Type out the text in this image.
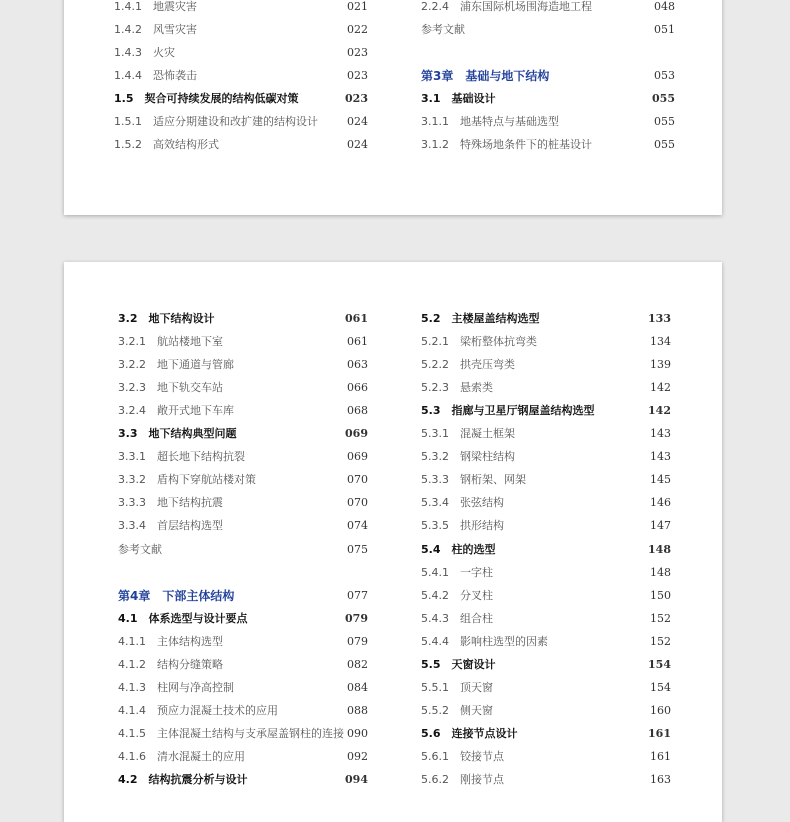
1.4.1　地震灾害	021
1.4.2　风雪灾害	022
1.4.3　火灾	023
1.4.4　恐怖袭击	023
1.5　契合可持续发展的结构低碳对策	023
1.5.1　适应分期建设和改扩建的结构设计	024
1.5.2　高效结构形式	024
2.2.4　浦东国际机场围海造地工程	048
参考文献	051
第3章　基础与地下结构	053
3.1　基础设计	055
3.1.1　地基特点与基础选型	055
3.1.2　特殊场地条件下的桩基设计	055
3.2　地下结构设计	061
3.2.1　航站楼地下室	061
3.2.2　地下通道与管廊	063
3.2.3　地下轨交车站	066
3.2.4　敞开式地下车库	068
3.3　地下结构典型问题	069
3.3.1　超长地下结构抗裂	069
3.3.2　盾构下穿航站楼对策	070
3.3.3　地下结构抗震	070
3.3.4　首层结构选型	074
参考文献	075
第4章　下部主体结构	077
4.1　体系选型与设计要点	079
4.1.1　主体结构选型	079
4.1.2　结构分缝策略	082
4.1.3　柱网与净高控制	084
4.1.4　预应力混凝土技术的应用	088
4.1.5　主体混凝土结构与支承屋盖钢柱的连接 090
4.1.6　清水混凝土的应用	092
4.2　结构抗震分析与设计	094
5.2　主楼屋盖结构选型	133
5.2.1　梁桁整体抗弯类	134
5.2.2　拱壳压弯类	139
5.2.3　悬索类	142
5.3　指廊与卫星厅钢屋盖结构选型	142
5.3.1　混凝土框架	143
5.3.2　钢梁柱结构	143
5.3.3　钢桁架、网架	145
5.3.4　张弦结构	146
5.3.5　拱形结构	147
5.4　柱的选型	148
5.4.1　一字柱	148
5.4.2　分叉柱	150
5.4.3　组合柱	152
5.4.4　影响柱选型的因素	152
5.5　天窗设计	154
5.5.1　顶天窗	154
5.5.2　侧天窗	160
5.6　连接节点设计	161
5.6.1　铰接节点	161
5.6.2　刚接节点	163
